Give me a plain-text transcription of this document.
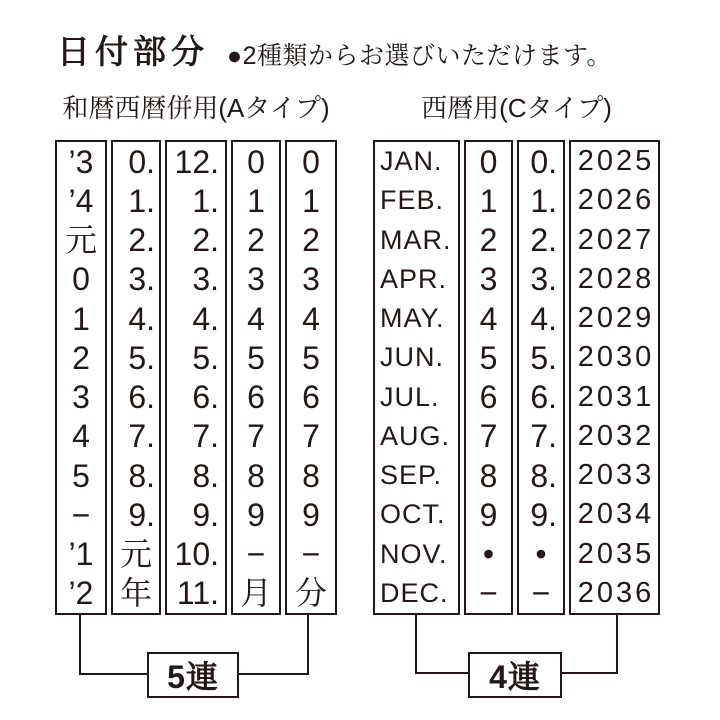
日付部分 ●2種類からお選びいただけます。
和暦西暦併用(Aタイプ)	西暦用(Cタイプ)
’3
’4
元
0
1
2
3
4
5
−
’1
’2
0.
1.
2.
3.
4.
5.
6.
7.
8.
9.
元
年
12.
1.
2.
3.
4.
5.
6.
7.
8.
9.
10.
11.
0
1
2
3
4
5
6
7
8
9
−
月
0
1
2
3
4
5
6
7
8
9
−
分
JAN.
FEB.
MAR.
APR.
MAY.
JUN.
JUL.
AUG.
SEP.
OCT.
NOV.
DEC.
0
1
2
3
4
5
6
7
8
9
•
−
0.
1.
2.
3.
4.
5.
6.
7.
8.
9.
•
−
2025
2026
2027
2028
2029
2030
2031
2032
2033
2034
2035
2036
5連	4連
